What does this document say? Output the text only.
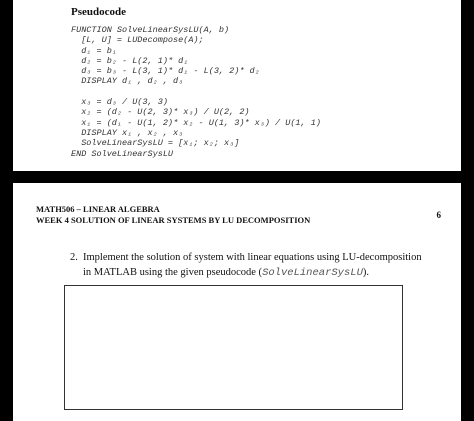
Pseudocode
FUNCTION SolveLinearSysLU(A, b)
[L, U] = LUDecompose(A);
d₁ = b₁
d₂ = b₂ - L(2, 1)* d₁
d₃ = b₃ - L(3, 1)* d₁ - L(3, 2)* d₂
DISPLAY d₁ , d₂ , d₃
x₃ = d₃ / U(3, 3)
x₂ = (d₂ - U(2, 3)* x₃) / U(2, 2)
x₁ = (d₁ - U(1, 2)* x₂ - U(1, 3)* x₃) / U(1, 1)
DISPLAY x₁ , x₂ , x₃
SolveLinearSysLU = [x₁; x₂; x₃]
END SolveLinearSysLU
MATH506 – LINEAR ALGEBRA
WEEK 4 SOLUTION OF LINEAR SYSTEMS BY LU DECOMPOSITION	6
2. Implement the solution of system with linear equations using LU-decomposition in MATLAB using the given pseudocode (SolveLinearSysLU).
